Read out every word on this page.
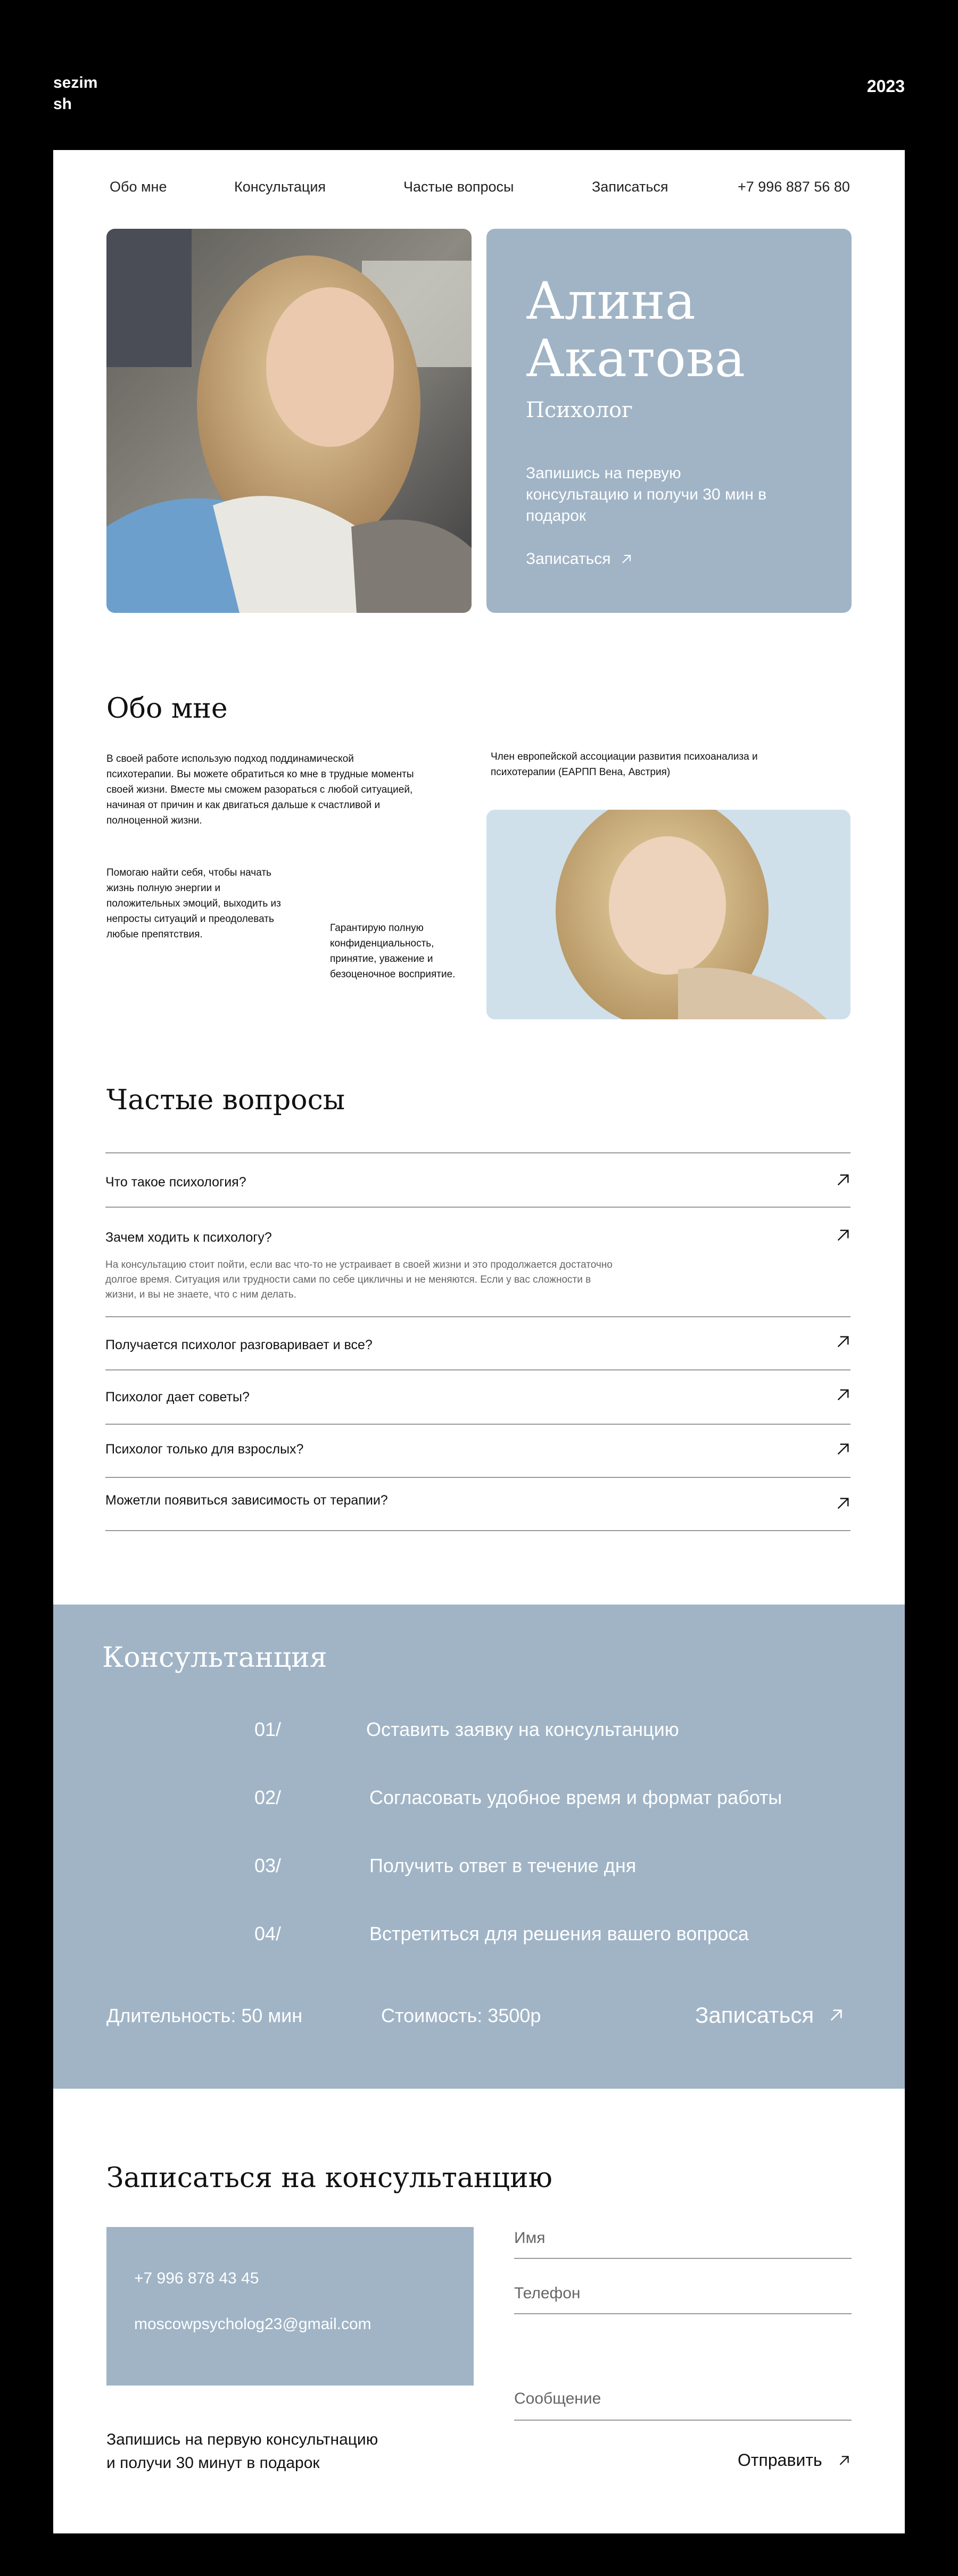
sezim sh
2023
Обо мне	Консультация	Частые вопросы	Записаться	+7 996 887 56 80
Алина Акатова
Психолог
Запишись на первую консультацию и получи 30 мин в подарок
Записаться
Обо мне
В своей работе использую подход поддинамической психотерапии. Вы можете обратиться ко мне в трудные моменты своей жизни. Вместе мы сможем разораться с любой ситуацией, начиная от причин и как двигаться дальше к счастливой и полноценной жизни.
Член европейской ассоциации развития психоанализа и психотерапии (ЕАРПП Вена, Австрия)
Помогаю найти себя, чтобы начать жизнь полную энергии и положительных эмоций, выходить из непросты ситуаций и преодолевать любые препятствия.
Гарантирую полную конфиденциальность, принятие, уважение и безоценочное восприятие.
Частые вопросы
Что такое психология?
Зачем ходить к психологу?
На консультацию стоит пойти, если вас что-то не устраивает в своей жизни и это продолжается достаточно долгое время. Ситуация или трудности сами по себе цикличны и не меняются. Если у вас сложности в жизни, и вы не знаете, что с ним делать.
Получается психолог разговаривает и все?
Психолог дает советы?
Психолог только для взрослых?
Можетли появиться зависимость от терапии?
Консультанция
01/	Оставить заявку на консультанцию
02/	Согласовать удобное время и формат работы
03/	Получить ответ в течение дня
04/	Встретиться для решения вашего вопроса
Длительность: 50 мин	Стоимость: 3500р	Записаться
Записаться на консультанцию
+7 996 878 43 45
moscowpsycholog23@gmail.com
Имя
Телефон
Сообщение
Запишись на первую консультнацию
и получи 30 минут в подарок	Отправить
